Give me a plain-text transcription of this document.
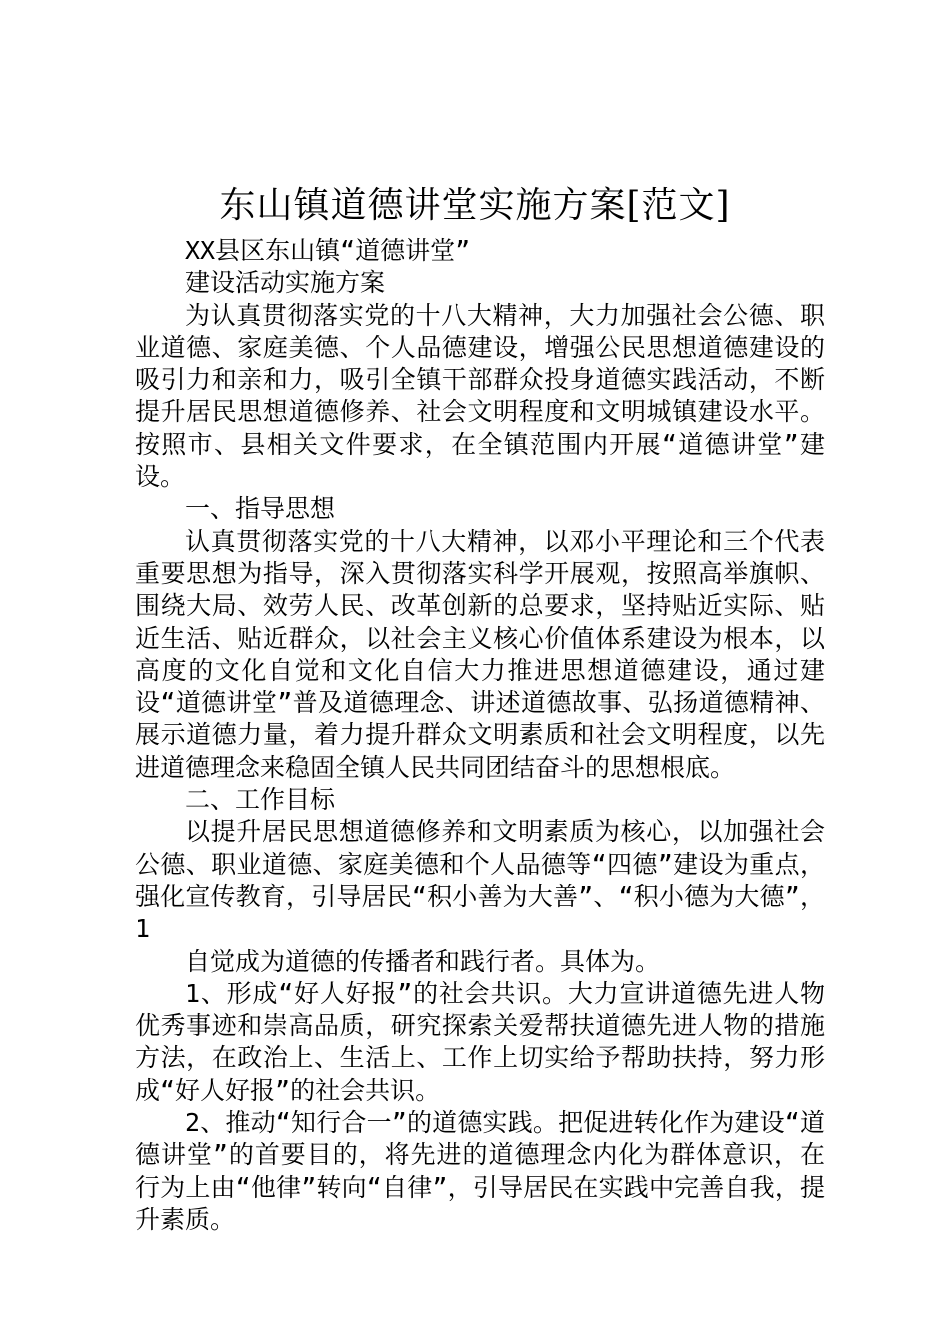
东山镇道德讲堂实施方案[范文]

XX县区东山镇“道德讲堂”

建设活动实施方案

为认真贯彻落实党的十八大精神，大力加强社会公德、职业道德、家庭美德、个人品德建设，增强公民思想道德建设的吸引力和亲和力，吸引全镇干部群众投身道德实践活动，不断提升居民思想道德修养、社会文明程度和文明城镇建设水平。按照市、县相关文件要求，在全镇范围内开展“道德讲堂”建设。

一、指导思想

认真贯彻落实党的十八大精神，以邓小平理论和三个代表重要思想为指导，深入贯彻落实科学开展观，按照高举旗帜、围绕大局、效劳人民、改革创新的总要求，坚持贴近实际、贴近生活、贴近群众，以社会主义核心价值体系建设为根本，以高度的文化自觉和文化自信大力推进思想道德建设，通过建设“道德讲堂”普及道德理念、讲述道德故事、弘扬道德精神、展示道德力量，着力提升群众文明素质和社会文明程度，以先进道德理念来稳固全镇人民共同团结奋斗的思想根底。

二、工作目标

以提升居民思想道德修养和文明素质为核心，以加强社会公德、职业道德、家庭美德和个人品德等“四德”建设为重点，强化宣传教育，引导居民“积小善为大善”、“积小德为大德”，1

自觉成为道德的传播者和践行者。具体为。

1、形成“好人好报”的社会共识。大力宣讲道德先进人物优秀事迹和崇高品质，研究探索关爱帮扶道德先进人物的措施方法，在政治上、生活上、工作上切实给予帮助扶持，努力形成“好人好报”的社会共识。

2、推动“知行合一”的道德实践。把促进转化作为建设“道德讲堂”的首要目的，将先进的道德理念内化为群体意识，在行为上由“他律”转向“自律”，引导居民在实践中完善自我，提升素质。
